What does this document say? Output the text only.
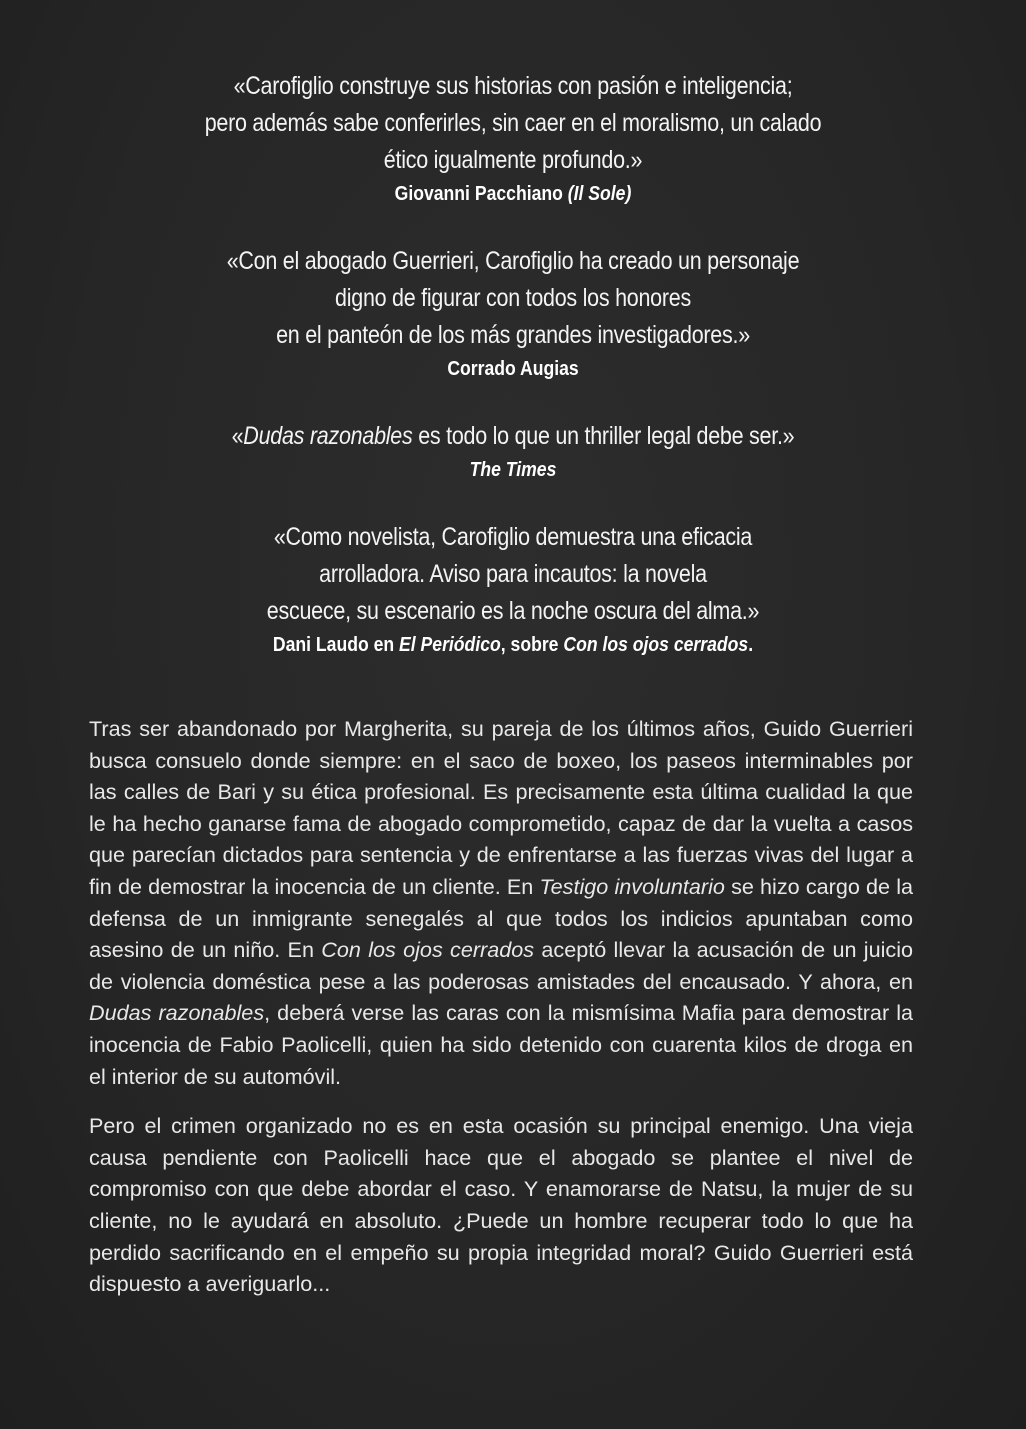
«Carofiglio construye sus historias con pasión e inteligencia;
pero además sabe conferirles, sin caer en el moralismo, un calado
ético igualmente profundo.»
Giovanni Pacchiano (Il Sole)
«Con el abogado Guerrieri, Carofiglio ha creado un personaje
digno de figurar con todos los honores
en el panteón de los más grandes investigadores.»
Corrado Augias
«Dudas razonables es todo lo que un thriller legal debe ser.»
The Times
«Como novelista, Carofiglio demuestra una eficacia
arrolladora. Aviso para incautos: la novela
escuece, su escenario es la noche oscura del alma.»
Dani Laudo en El Periódico, sobre Con los ojos cerrados.

Tras ser abandonado por Margherita, su pareja de los últimos años, Guido Guerrieri busca consuelo donde siempre: en el saco de boxeo, los paseos interminables por las calles de Bari y su ética profesional. Es precisamente esta última cualidad la que le ha hecho ganarse fama de abogado comprometido, capaz de dar la vuelta a casos que parecían dictados para sentencia y de enfrentarse a las fuerzas vivas del lugar a fin de demostrar la inocencia de un cliente. En Testigo involuntario se hizo cargo de la defensa de un inmigrante senegalés al que todos los indicios apuntaban como asesino de un niño. En Con los ojos cerrados aceptó llevar la acusación de un juicio de violencia doméstica pese a las poderosas amistades del encausado. Y ahora, en Dudas razonables, deberá verse las caras con la mismísima Mafia para demostrar la inocencia de Fabio Paolicelli, quien ha sido detenido con cuarenta kilos de droga en el interior de su automóvil.

Pero el crimen organizado no es en esta ocasión su principal enemigo. Una vieja causa pendiente con Paolicelli hace que el abogado se plantee el nivel de compromiso con que debe abordar el caso. Y enamorarse de Natsu, la mujer de su cliente, no le ayudará en absoluto. ¿Puede un hombre recuperar todo lo que ha perdido sacrificando en el empeño su propia integridad moral? Guido Guerrieri está dispuesto a averiguarlo...
